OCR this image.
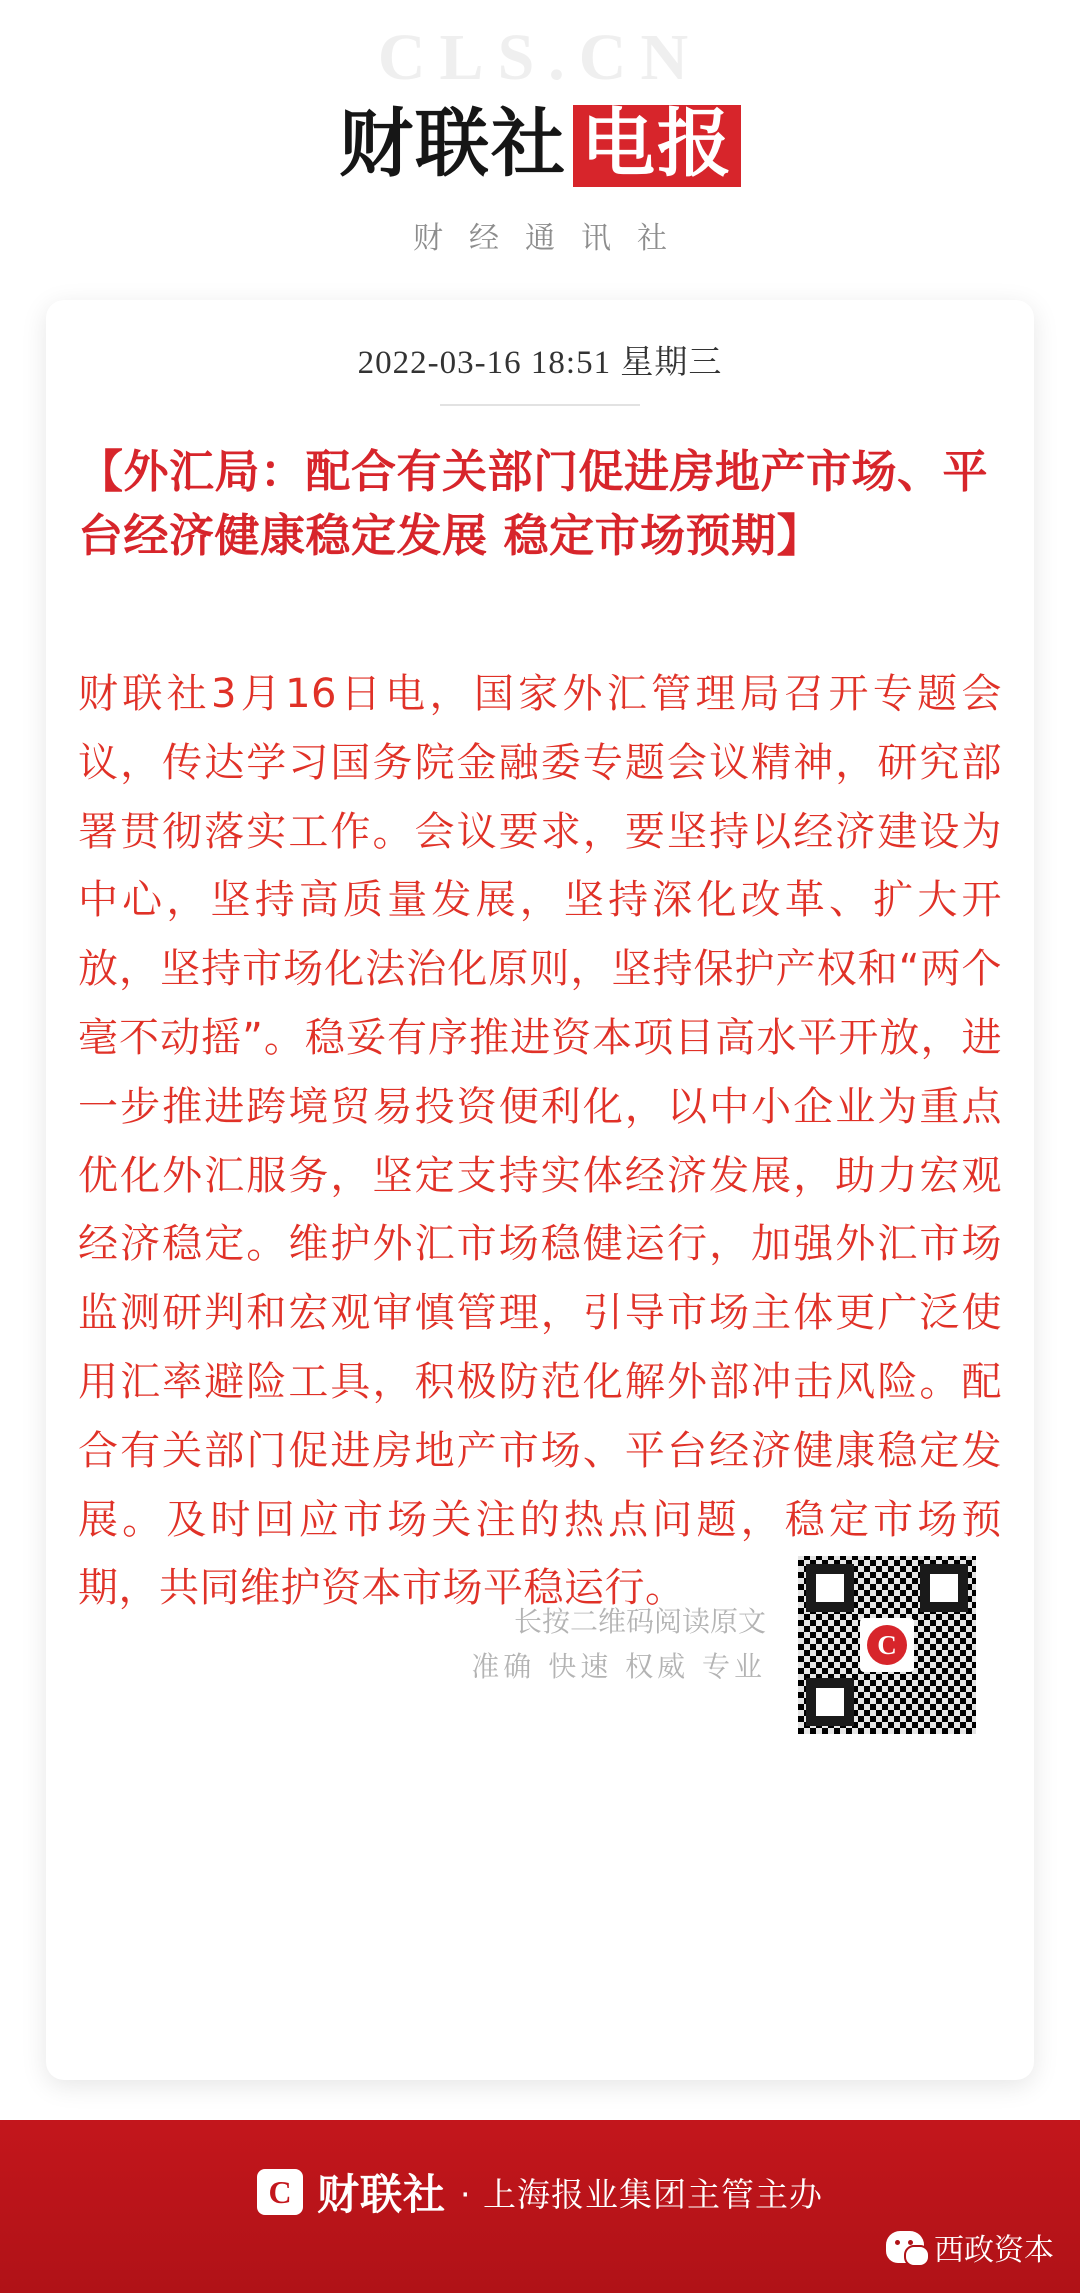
CLS.CN
财联社 电报
财经通讯社
2022-03-16 18:51 星期三
【外汇局：配合有关部门促进房地产市场、平台经济健康稳定发展 稳定市场预期】
财联社3月16日电，国家外汇管理局召开专题会议，传达学习国务院金融委专题会议精神，研究部署贯彻落实工作。会议要求，要坚持以经济建设为中心，坚持高质量发展，坚持深化改革、扩大开放，坚持市场化法治化原则，坚持保护产权和“两个毫不动摇”。稳妥有序推进资本项目高水平开放，进一步推进跨境贸易投资便利化，以中小企业为重点优化外汇服务，坚定支持实体经济发展，助力宏观经济稳定。维护外汇市场稳健运行，加强外汇市场监测研判和宏观审慎管理，引导市场主体更广泛使用汇率避险工具，积极防范化解外部冲击风险。配合有关部门促进房地产市场、平台经济健康稳定发展。及时回应市场关注的热点问题，稳定市场预期，共同维护资本市场平稳运行。
长按二维码阅读原文
准确 快速 权威 专业
C
C 财联社 · 上海报业集团主管主办
西政资本
